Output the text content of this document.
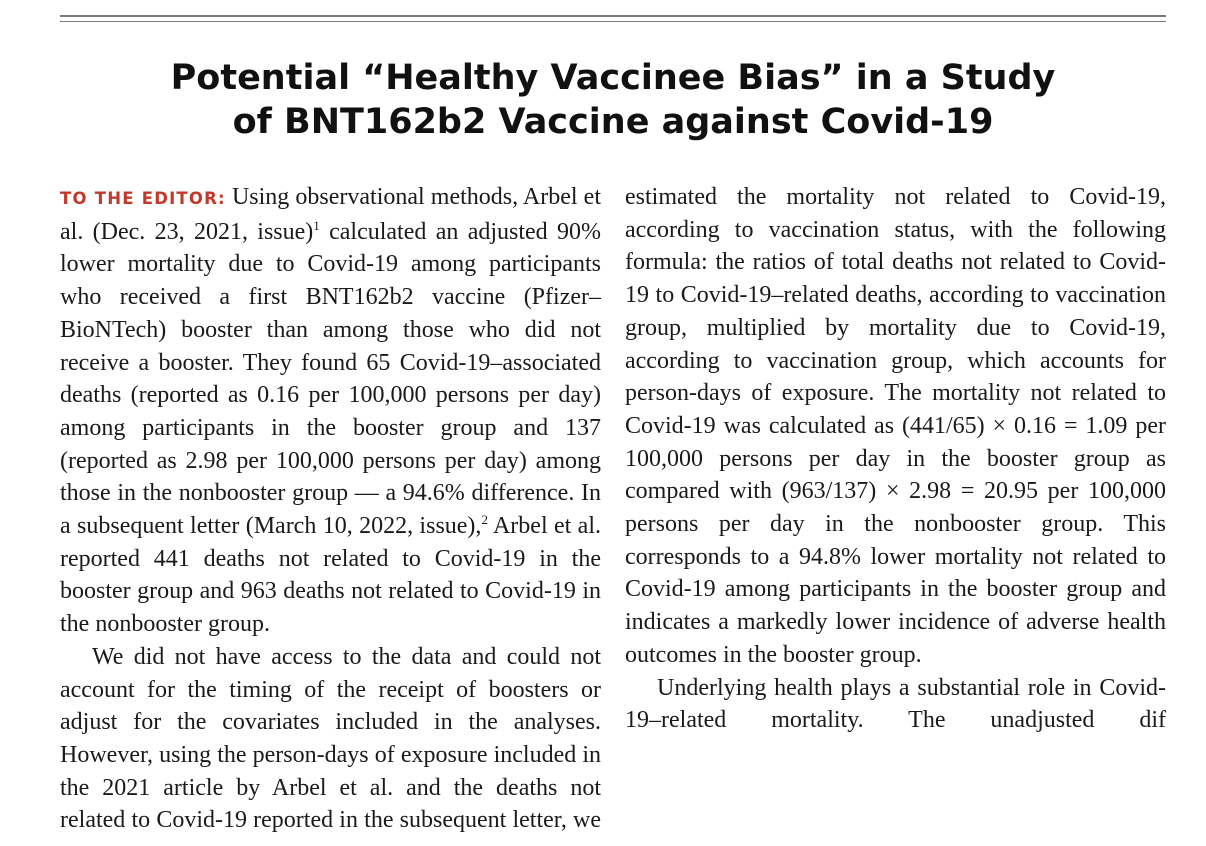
Potential “Healthy Vaccinee Bias” in a Study
of BNT162b2 Vaccine against Covid-19

TO THE EDITOR: Using observational methods, Arbel et al. (Dec. 23, 2021, issue)$^1$ calculated an adjusted 90% lower mortality due to Covid-19 among participants who received a first BNT162b2 vaccine (Pfizer–BioNTech) booster than among those who did not receive a booster. They found 65 Covid-19–associated deaths (reported as 0.16 per 100,000 persons per day) among participants in the booster group and 137 (reported as 2.98 per 100,000 persons per day) among those in the nonbooster group — a 94.6% difference. In a subsequent letter (March 10, 2022, issue),$^2$ Arbel et al. reported 441 deaths not related to Covid-19 in the booster group and 963 deaths not related to Covid-19 in the nonbooster group.

We did not have access to the data and could not account for the timing of the receipt of boosters or adjust for the covariates included in the analyses. However, using the person-days of exposure included in the 2021 article by Arbel et al. and the deaths not related to Covid-19 reported in the subsequent letter, we

estimated the mortality not related to Covid-19, according to vaccination status, with the following formula: the ratios of total deaths not related to Covid-19 to Covid-19–related deaths, according to vaccination group, multiplied by mortality due to Covid-19, according to vaccination group, which accounts for person-days of exposure. The mortality not related to Covid-19 was calculated as (441/65) × 0.16 = 1.09 per 100,000 persons per day in the booster group as compared with (963/137) × 2.98 = 20.95 per 100,000 persons per day in the nonbooster group. This corresponds to a 94.8% lower mortality not related to Covid-19 among participants in the booster group and indicates a markedly lower incidence of adverse health outcomes in the booster group.

Underlying health plays a substantial role in Covid-19–related mortality. The unadjusted dif
